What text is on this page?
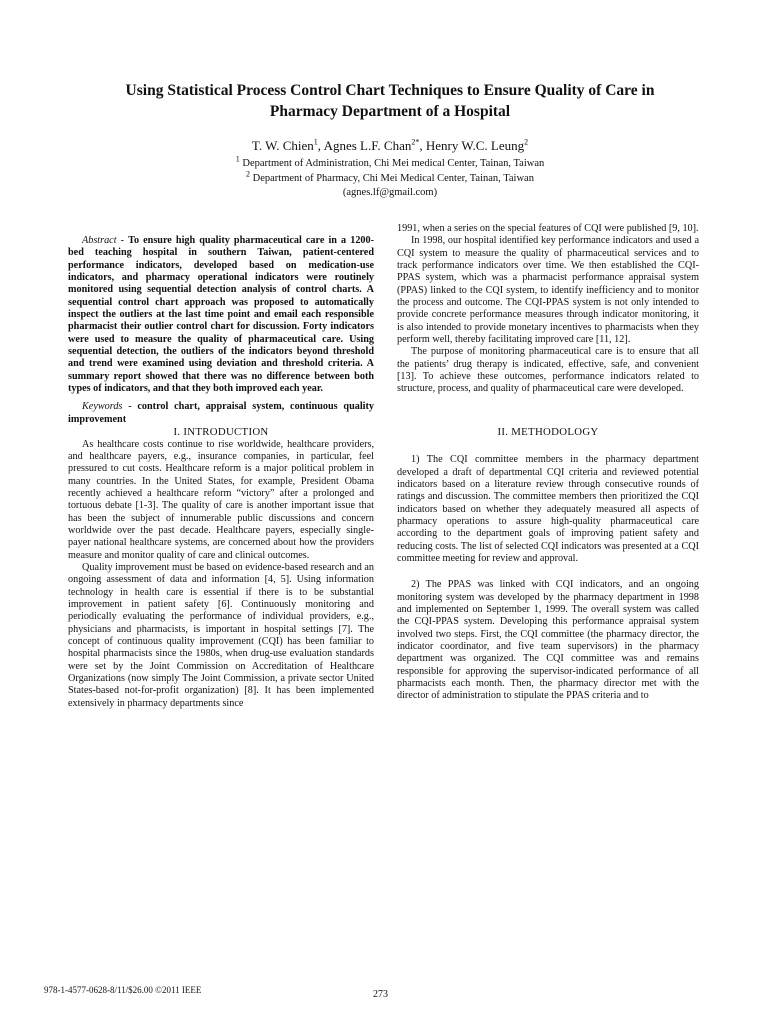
Using Statistical Process Control Chart Techniques to Ensure Quality of Care in
Pharmacy Department of a Hospital
T. W. Chien$^1$, Agnes L.F. Chan$^{2*}$, Henry W.C. Leung$^2$
$^1$ Department of Administration, Chi Mei medical Center, Tainan, Taiwan
$^2$ Department of Pharmacy, Chi Mei Medical Center, Tainan, Taiwan
(agnes.lf@gmail.com)

Abstract - To ensure high quality pharmaceutical care in a 1200-bed teaching hospital in southern Taiwan, patient-centered performance indicators, developed based on medication-use indicators, and pharmacy operational indicators were routinely monitored using sequential detection analysis of control charts. A sequential control chart approach was proposed to automatically inspect the outliers at the last time point and email each responsible pharmacist their outlier control chart for discussion. Forty indicators were used to measure the quality of pharmaceutical care. Using sequential detection, the outliers of the indicators beyond threshold and trend were examined using deviation and threshold criteria. A summary report showed that there was no difference between both types of indicators, and that they both improved each year.

Keywords - control chart, appraisal system, continuous quality improvement

I. INTRODUCTION

As healthcare costs continue to rise worldwide, healthcare providers, and healthcare payers, e.g., insurance companies, in particular, feel pressured to cut costs. Healthcare reform is a major political problem in many countries. In the United States, for example, President Obama recently achieved a healthcare reform “victory” after a prolonged and tortuous debate [1-3]. The quality of care is another important issue that has been the subject of innumerable public discussions and concern worldwide over the past decade. Healthcare payers, especially single-payer national healthcare systems, are concerned about how the providers measure and monitor quality of care and clinical outcomes.

Quality improvement must be based on evidence-based research and an ongoing assessment of data and information [4, 5]. Using information technology in health care is essential if there is to be substantial improvement in patient safety [6]. Continuously monitoring and periodically evaluating the performance of individual providers, e.g., physicians and pharmacists, is important in hospital settings [7]. The concept of continuous quality improvement (CQI) has been familiar to hospital pharmacists since the 1980s, when drug-use evaluation standards were set by the Joint Commission on Accreditation of Healthcare Organizations (now simply The Joint Commission, a private sector United States-based not-for-profit organization) [8]. It has been implemented extensively in pharmacy departments since

1991, when a series on the special features of CQI were published [9, 10].

In 1998, our hospital identified key performance indicators and used a CQI system to measure the quality of pharmaceutical services and to track performance indicators over time. We then established the CQI-PPAS system, which was a pharmacist performance appraisal system (PPAS) linked to the CQI system, to identify inefficiency and to monitor the process and outcome. The CQI-PPAS system is not only intended to provide concrete performance measures through indicator monitoring, it is also intended to provide monetary incentives to pharmacists when they perform well, thereby facilitating improved care [11, 12].

The purpose of monitoring pharmaceutical care is to ensure that all the patients’ drug therapy is indicated, effective, safe, and convenient [13]. To achieve these outcomes, performance indicators related to structure, process, and quality of pharmaceutical care were developed.

II. METHODOLOGY

1) The CQI committee members in the pharmacy department developed a draft of departmental CQI criteria and reviewed potential indicators based on a literature review through consecutive rounds of ratings and discussion. The committee members then prioritized the CQI indicators based on whether they adequately measured all aspects of pharmacy operations to assure high-quality pharmaceutical care according to the department goals of improving patient safety and reducing costs. The list of selected CQI indicators was presented at a CQI committee meeting for review and approval.

2) The PPAS was linked with CQI indicators, and an ongoing monitoring system was developed by the pharmacy department in 1998 and implemented on September 1, 1999. The overall system was called the CQI-PPAS system. Developing this performance appraisal system involved two steps. First, the CQI committee (the pharmacy director, the indicator coordinator, and five team supervisors) in the pharmacy department was organized. The CQI committee was and remains responsible for approving the supervisor-indicated performance of all pharmacists each month. Then, the pharmacy director met with the director of administration to stipulate the PPAS criteria and to

978-1-4577-0628-8/11/$26.00 ©2011 IEEE	273
